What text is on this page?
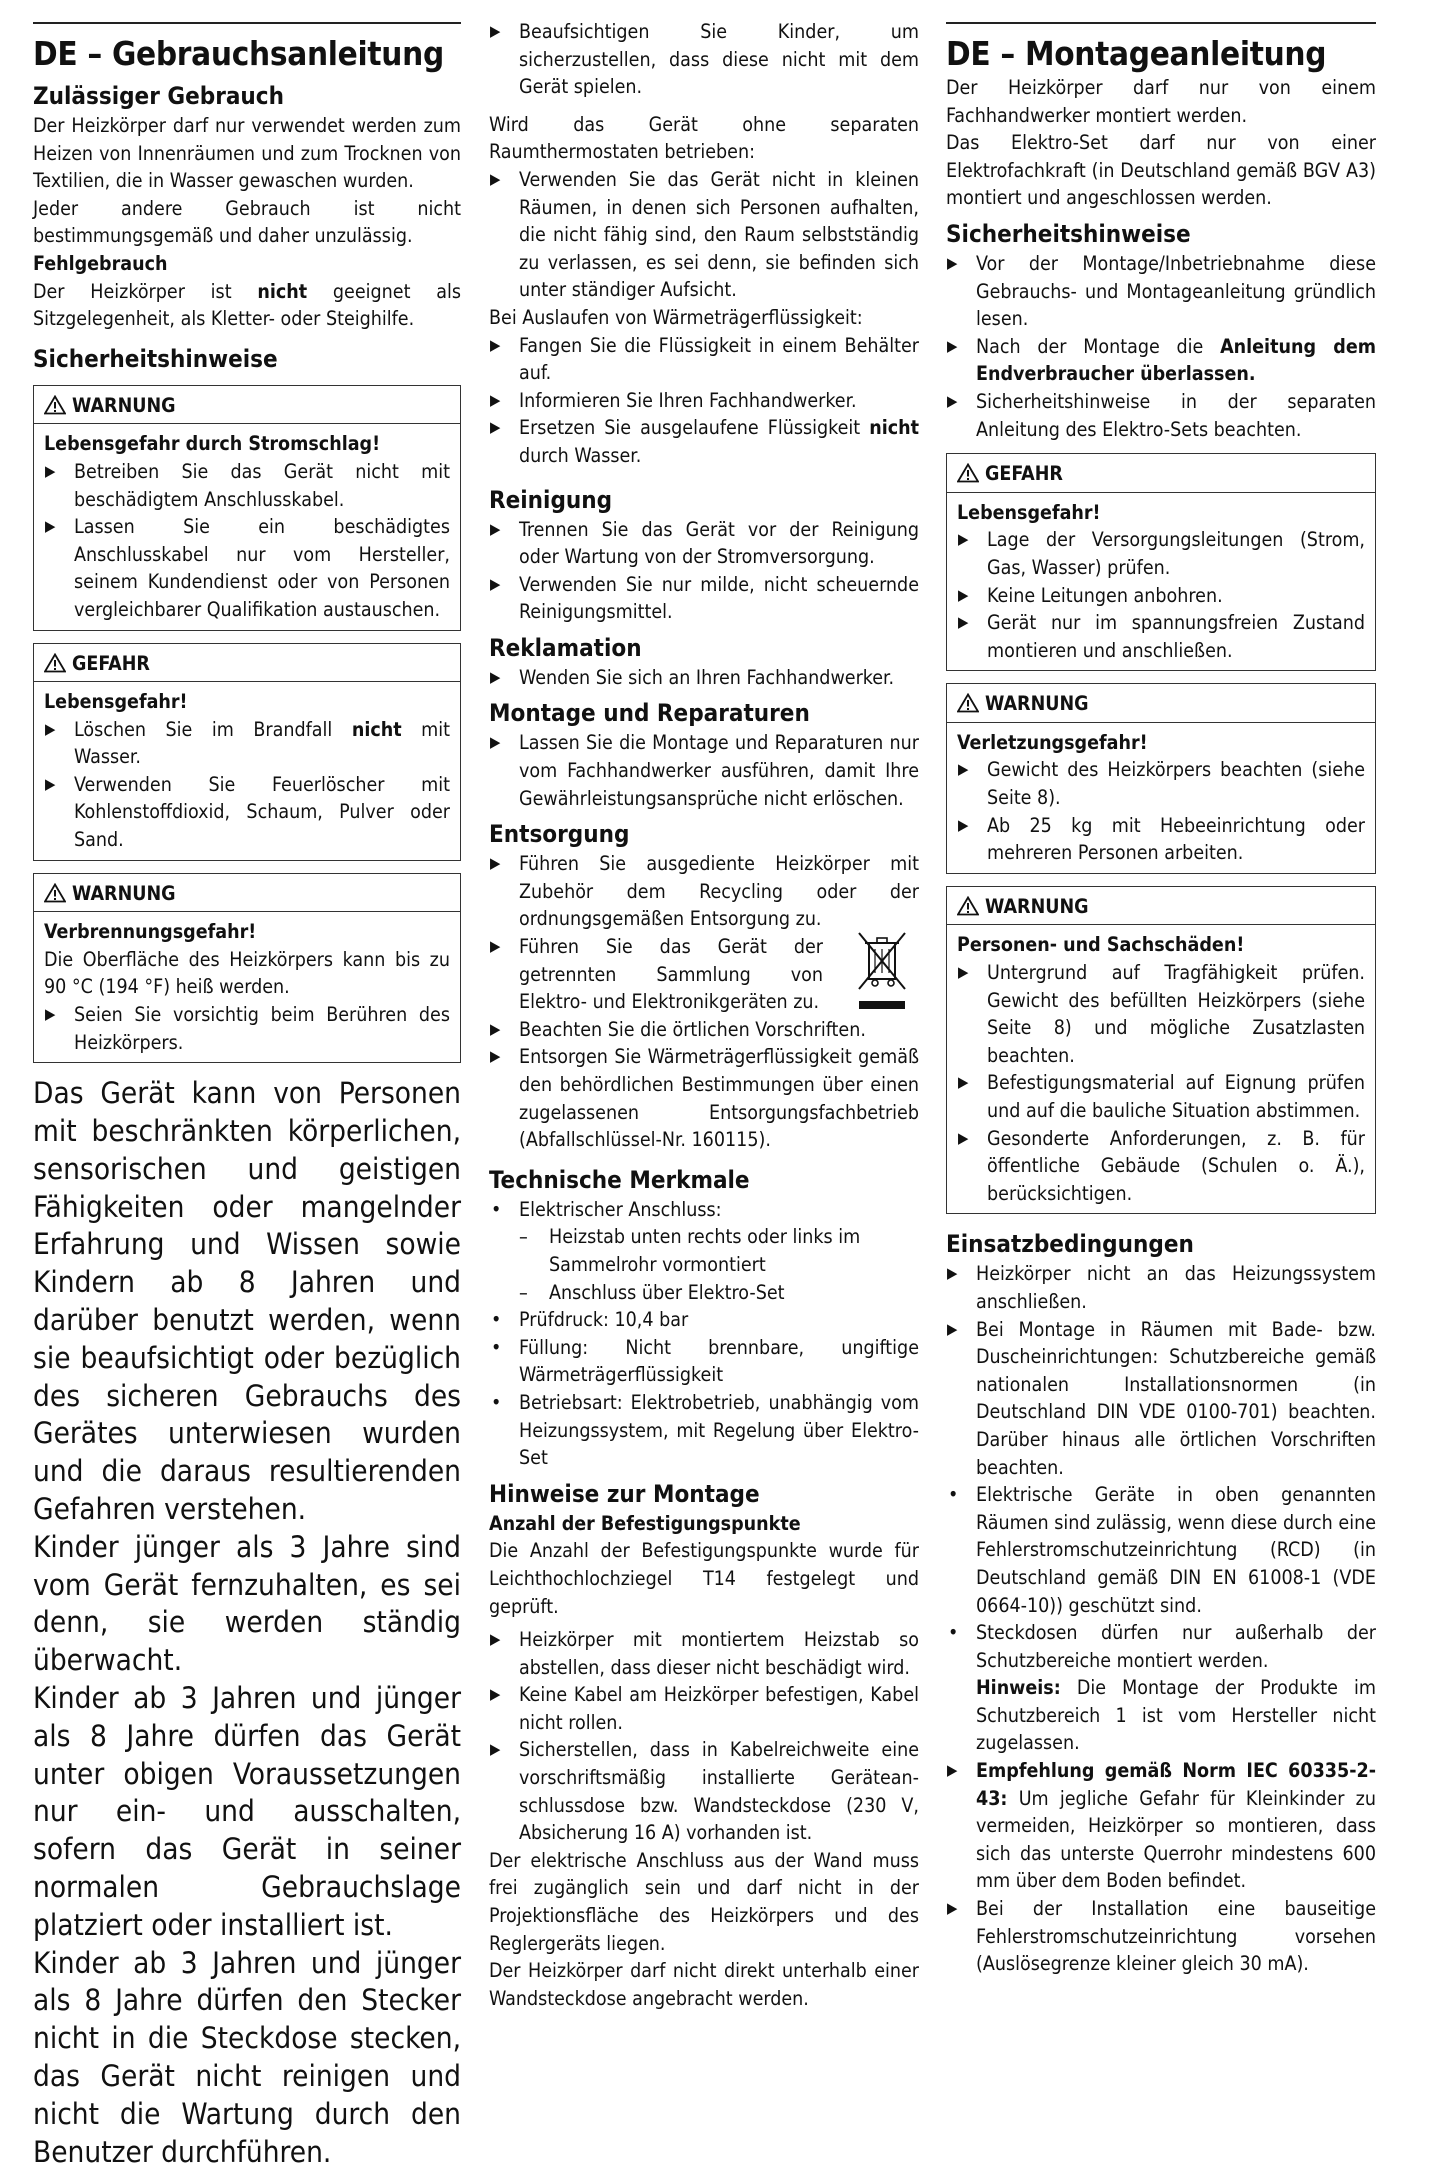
DE – Gebrauchsanleitung
Zulässiger Gebrauch

Der Heizkörper darf nur verwendet werden zum Heizen von Innenräumen und zum Trocknen von Textilien, die in Wasser gewaschen wurden.

Jeder andere Gebrauch ist nicht bestimmungsgemäß und daher unzulässig.

Fehlgebrauch

Der Heizkörper ist nicht geeignet als Sitzgelegenheit, als Kletter- oder Steighilfe.

Sicherheitshinweise
WARNUNG
Lebensgefahr durch Stromschlag!
▶ Betreiben Sie das Gerät nicht mit beschädigtem Anschlusskabel.
▶ Lassen Sie ein beschädigtes Anschlusskabel nur vom Hersteller, seinem Kundendienst oder von Personen vergleichbarer Qualifikation austauschen.
GEFAHR
Lebensgefahr!
▶ Löschen Sie im Brandfall nicht mit Wasser.
▶ Verwenden Sie Feuerlöscher mit Kohlenstoffdioxid, Schaum, Pulver oder Sand.
WARNUNG
Verbrennungsgefahr!

Die Oberfläche des Heizkörpers kann bis zu 90 °C (194 °F) heiß werden.

▶ Seien Sie vorsichtig beim Berühren des Heizkörpers.

Das Gerät kann von Personen mit beschränkten körperlichen, sensorischen und geistigen Fähigkeiten oder mangelnder Erfahrung und Wissen sowie Kindern ab 8 Jahren und darüber benutzt werden, wenn sie beaufsichtigt oder bezüglich des sicheren Gebrauchs des Gerätes unterwiesen wurden und die daraus resultierenden Gefahren verstehen.

Kinder jünger als 3 Jahre sind vom Gerät fernzuhalten, es sei denn, sie werden ständig überwacht.

Kinder ab 3 Jahren und jünger als 8 Jahre dürfen das Gerät unter obigen Voraussetzungen nur ein- und ausschalten, sofern das Gerät in seiner normalen Gebrauchslage platziert oder installiert ist.

Kinder ab 3 Jahren und jünger als 8 Jahre dürfen den Stecker nicht in die Steckdose stecken, das Gerät nicht reinigen und nicht die Wartung durch den Benutzer durchführen.

▶ Beaufsichtigen Sie Kinder, um sicherzustellen, dass diese nicht mit dem Gerät spielen.

Wird das Gerät ohne separaten Raumthermostaten betrieben:

▶ Verwenden Sie das Gerät nicht in kleinen Räumen, in denen sich Personen aufhalten, die nicht fähig sind, den Raum selbstständig zu verlassen, es sei denn, sie befinden sich unter ständiger Aufsicht.

Bei Auslaufen von Wärmeträgerflüssigkeit:

▶ Fangen Sie die Flüssigkeit in einem Behälter auf.
▶ Informieren Sie Ihren Fachhandwerker.
▶ Ersetzen Sie ausgelaufene Flüssigkeit nicht durch Wasser.
Reinigung
▶ Trennen Sie das Gerät vor der Reinigung oder Wartung von der Stromversorgung.
▶ Verwenden Sie nur milde, nicht scheuernde Reinigungsmittel.
Reklamation
▶ Wenden Sie sich an Ihren Fachhandwerker.
Montage und Reparaturen
▶ Lassen Sie die Montage und Reparaturen nur vom Fachhandwerker ausführen, damit Ihre Gewährleistungsansprüche nicht erlöschen.
Entsorgung
▶ Führen Sie ausgediente Heizkörper mit Zubehör dem Recycling oder der ordnungsgemäßen Entsorgung zu.
▶ Führen Sie das Gerät der getrennten Sammlung von Elektro- und Elektronikgeräten zu.
▶ Beachten Sie die örtlichen Vorschriften.
▶ Entsorgen Sie Wärmeträgerflüssigkeit gemäß den behördlichen Bestimmungen über einen zugelassenen Entsorgungsfachbetrieb (Abfallschlüssel-Nr. 160115).
Technische Merkmale
• Elektrischer Anschluss:
– Heizstab unten rechts oder links im Sammelrohr vormontiert
– Anschluss über Elektro-Set
• Prüfdruck: 10,4 bar
• Füllung: Nicht brennbare, ungiftige Wärmeträgerflüssigkeit
• Betriebsart: Elektrobetrieb, unabhängig vom Heizungssystem, mit Regelung über Elektro-Set
Hinweise zur Montage
Anzahl der Befestigungspunkte

Die Anzahl der Befestigungspunkte wurde für Leichthochlochziegel T14 festgelegt und geprüft.

▶ Heizkörper mit montiertem Heizstab so abstellen, dass dieser nicht beschädigt wird.
▶ Keine Kabel am Heizkörper befestigen, Kabel nicht rollen.
▶ Sicherstellen, dass in Kabelreichweite eine vorschriftsmäßig installierte Geräteanschlussdose bzw. Wandsteckdose (230 V, Absicherung 16 A) vorhanden ist.

Der elektrische Anschluss aus der Wand muss frei zugänglich sein und darf nicht in der Projektionsfläche des Heizkörpers und des Reglergeräts liegen.

Der Heizkörper darf nicht direkt unterhalb einer Wandsteckdose angebracht werden.

DE – Montageanleitung

Der Heizkörper darf nur von einem Fachhandwerker montiert werden.

Das Elektro-Set darf nur von einer Elektrofachkraft (in Deutschland gemäß BGV A3) montiert und angeschlossen werden.

Sicherheitshinweise
▶ Vor der Montage/Inbetriebnahme diese Gebrauchs- und Montageanleitung gründlich lesen.
▶ Nach der Montage die Anleitung dem Endverbraucher überlassen.
▶ Sicherheitshinweise in der separaten Anleitung des Elektro-Sets beachten.
GEFAHR
Lebensgefahr!
▶ Lage der Versorgungsleitungen (Strom, Gas, Wasser) prüfen.
▶ Keine Leitungen anbohren.
▶ Gerät nur im spannungsfreien Zustand montieren und anschließen.
WARNUNG
Verletzungsgefahr!
▶ Gewicht des Heizkörpers beachten (siehe Seite 8).
▶ Ab 25 kg mit Hebeeinrichtung oder mehreren Personen arbeiten.
WARNUNG
Personen- und Sachschäden!
▶ Untergrund auf Tragfähigkeit prüfen. Gewicht des befüllten Heizkörpers (siehe Seite 8) und mögliche Zusatzlasten beachten.
▶ Befestigungsmaterial auf Eignung prüfen und auf die bauliche Situation abstimmen.
▶ Gesonderte Anforderungen, z. B. für öffentliche Gebäude (Schulen o. Ä.), berücksichtigen.
Einsatzbedingungen
▶ Heizkörper nicht an das Heizungssystem anschließen.
▶ Bei Montage in Räumen mit Bade- bzw. Duscheinrichtungen: Schutzbereiche gemäß nationalen Installationsnormen (in Deutschland DIN VDE 0100-701) beachten. Darüber hinaus alle örtlichen Vorschriften beachten.
• Elektrische Geräte in oben genannten Räumen sind zulässig, wenn diese durch eine Fehlerstromschutzeinrichtung (RCD) (in Deutschland gemäß DIN EN 61008-1 (VDE 0664-10)) geschützt sind.
• Steckdosen dürfen nur außerhalb der Schutzbereiche montiert werden.
Hinweis: Die Montage der Produkte im Schutzbereich 1 ist vom Hersteller nicht zugelassen.
▶ Empfehlung gemäß Norm IEC 60335-2-43: Um jegliche Gefahr für Kleinkinder zu vermeiden, Heizkörper so montieren, dass sich das unterste Querrohr mindestens 600 mm über dem Boden befindet.
▶ Bei der Installation eine bauseitige Fehlerstromschutzeinrichtung vorsehen (Auslösegrenze kleiner gleich 30 mA).
